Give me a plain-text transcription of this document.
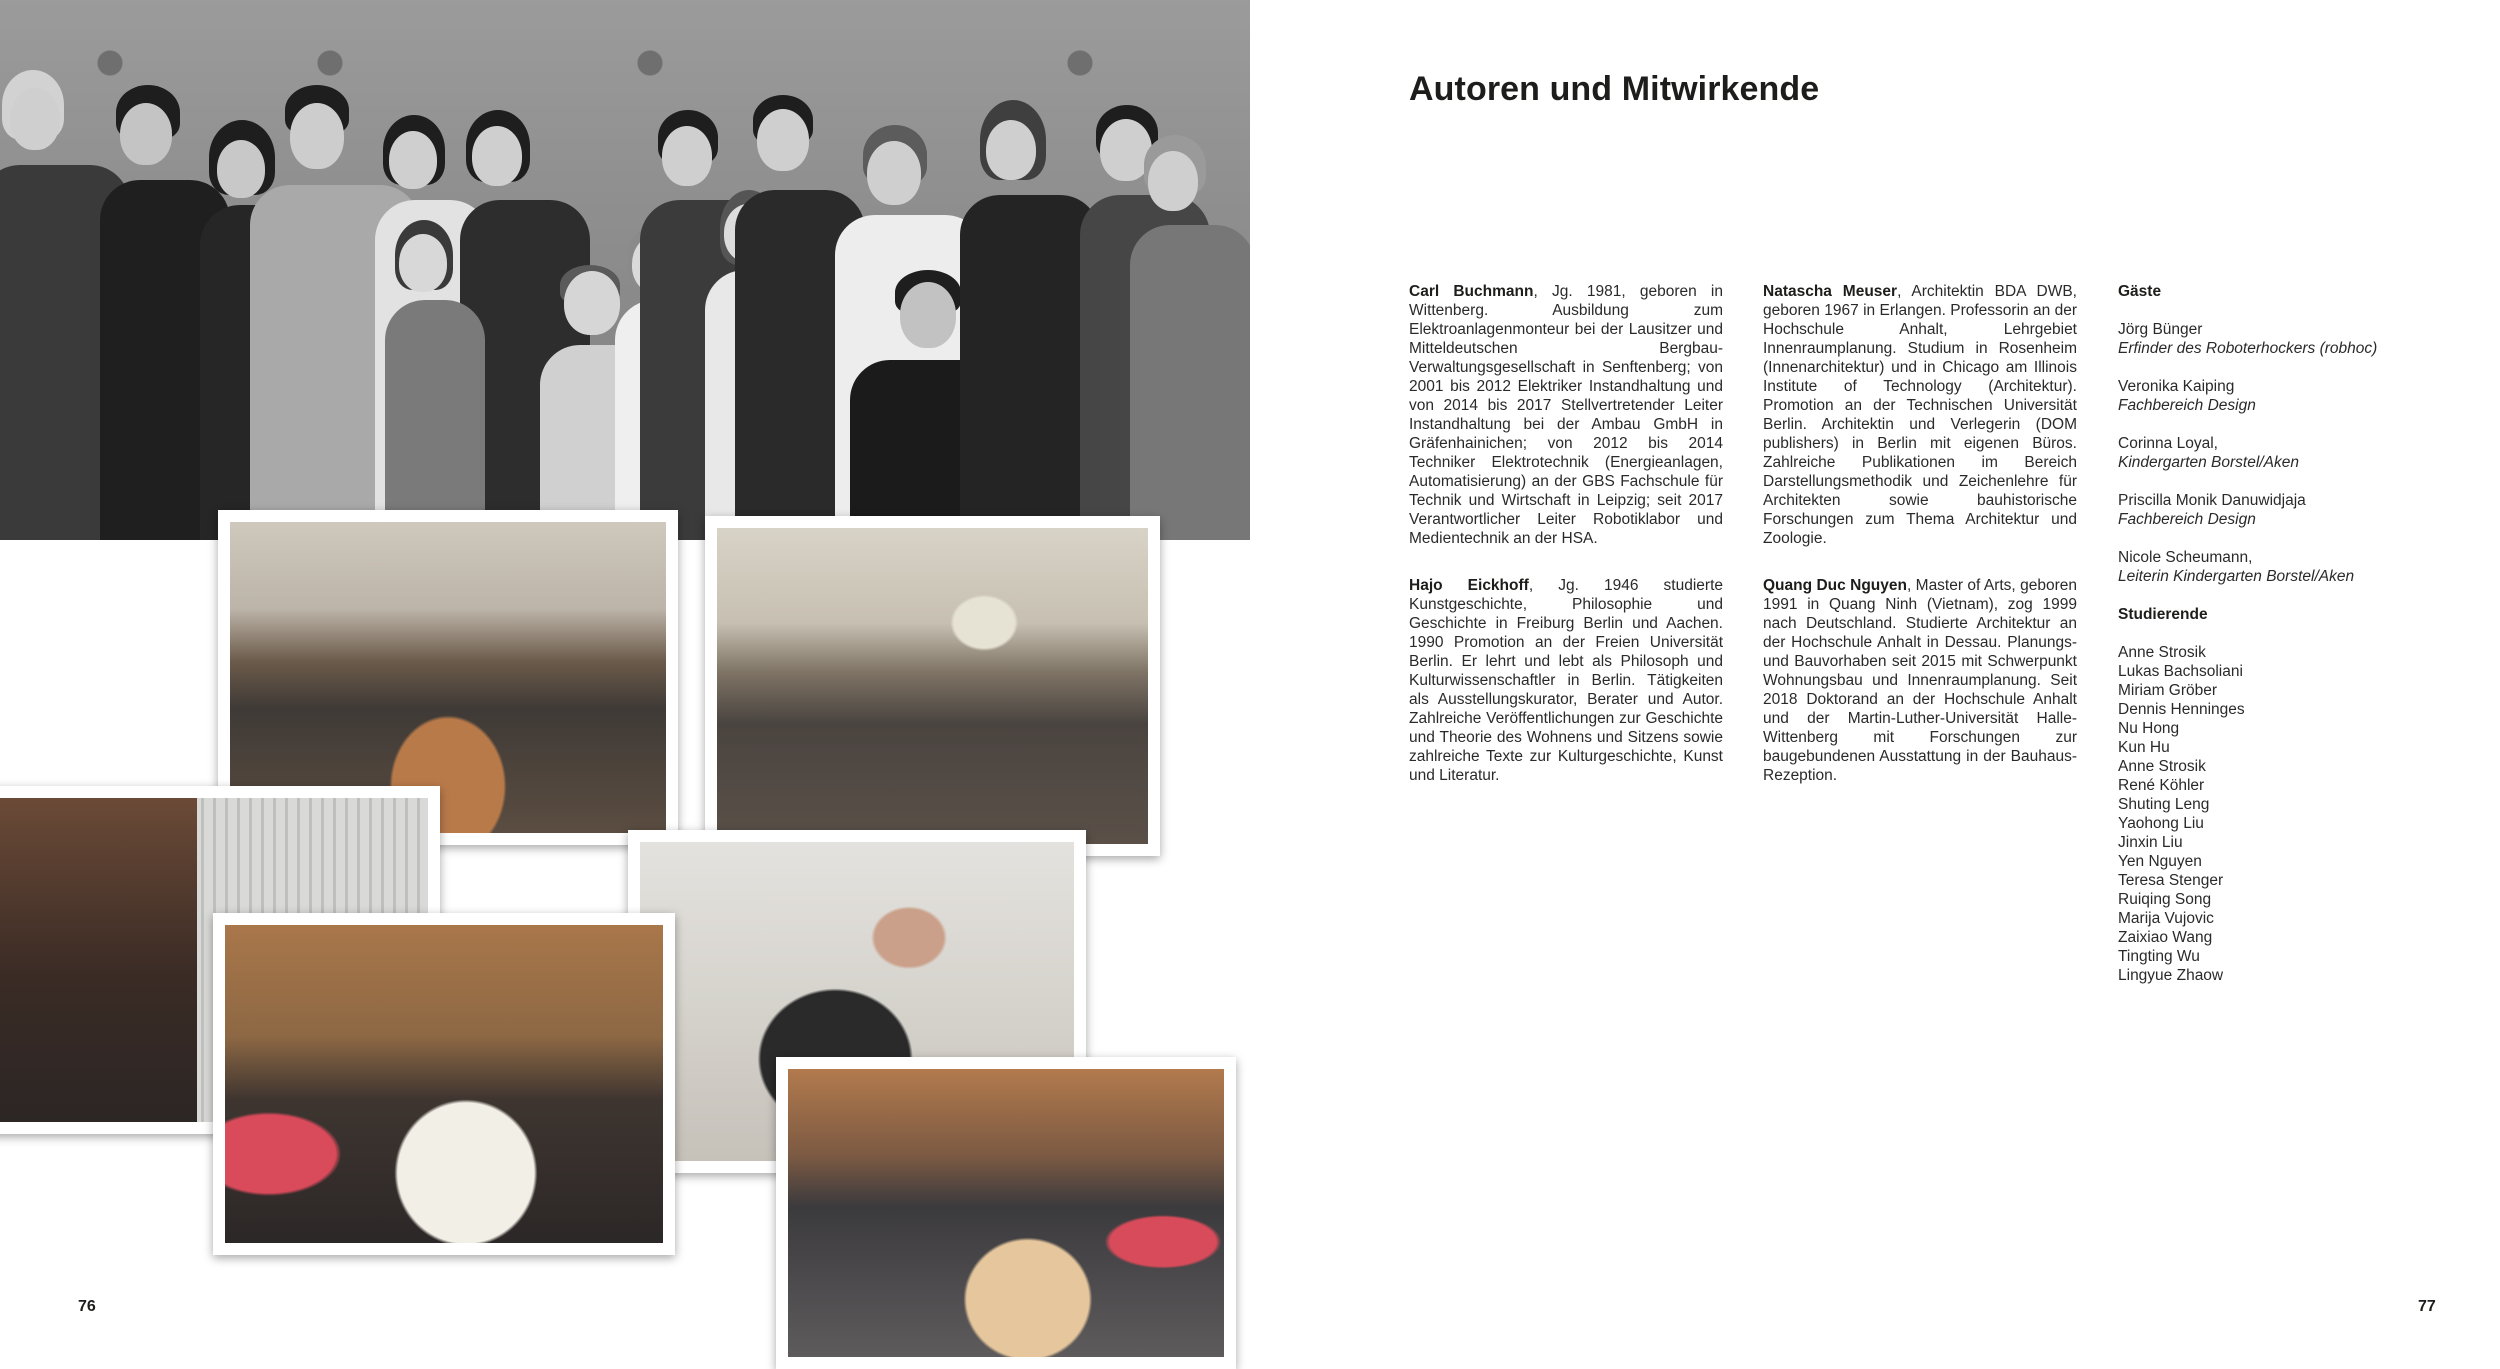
76
Autoren und Mitwirkende

Carl Buchmann, Jg. 1981, geboren in Wittenberg. Ausbildung zum Elektroanlagenmonteur bei der Lausitzer und Mitteldeutschen Bergbau-Verwaltungsgesellschaft in Senftenberg; von 2001 bis 2012 Elektriker Instandhaltung und von 2014 bis 2017 Stellvertretender Leiter Instandhaltung bei der Ambau GmbH in Gräfenhainichen; von 2012 bis 2014 Techniker Elektrotechnik (Energieanlagen, Automatisierung) an der GBS Fachschule für Technik und Wirtschaft in Leipzig; seit 2017 Verantwortlicher Leiter Robotiklabor und Medientechnik an der HSA.

Hajo Eickhoff, Jg. 1946 studierte Kunstgeschichte, Philosophie und Geschichte in Freiburg Berlin und Aachen. 1990 Promotion an der Freien Universität Berlin. Er lehrt und lebt als Philosoph und Kulturwissenschaftler in Berlin. Tätigkeiten als Ausstellungskurator, Berater und Autor. Zahlreiche Veröffentlichungen zur Geschichte und Theorie des Wohnens und Sitzens sowie zahlreiche Texte zur Kulturgeschichte, Kunst und Literatur.

Natascha Meuser, Architektin BDA DWB, geboren 1967 in Erlangen. Professorin an der Hochschule Anhalt, Lehrgebiet Innenraumplanung. Studium in Rosenheim (Innenarchitektur) und in Chicago am Illinois Institute of Technology (Architektur). Promotion an der Technischen Universität Berlin. Architektin und Verlegerin (DOM publishers) in Berlin mit eigenen Büros. Zahlreiche Publikationen im Bereich Darstellungsmethodik und Zeichenlehre für Architekten sowie bauhistorische Forschungen zum Thema Architektur und Zoologie.

Quang Duc Nguyen, Master of Arts, geboren 1991 in Quang Ninh (Vietnam), zog 1999 nach Deutschland. Studierte Architektur an der Hochschule Anhalt in Dessau. Planungs- und Bauvorhaben seit 2015 mit Schwerpunkt Wohnungsbau und Innenraumplanung. Seit 2018 Doktorand an der Hochschule Anhalt und der Martin-Luther-Universität Halle-Wittenberg mit Forschungen zur baugebundenen Ausstattung in der Bauhaus-Rezeption.

Gäste
Jörg Bünger
Erfinder des Roboterhockers (robhoc)
Veronika Kaiping
Fachbereich Design
Corinna Loyal,
Kindergarten Borstel/Aken
Priscilla Monik Danuwidjaja
Fachbereich Design
Nicole Scheumann,
Leiterin Kindergarten Borstel/Aken
Studierende
Anne Strosik
Lukas Bachsoliani
Miriam Gröber
Dennis Henninges
Nu Hong
Kun Hu
Anne Strosik
René Köhler
Shuting Leng
Yaohong Liu
Jinxin Liu
Yen Nguyen
Teresa Stenger
Ruiqing Song
Marija Vujovic
Zaixiao Wang
Tingting Wu
Lingyue Zhaow
77
